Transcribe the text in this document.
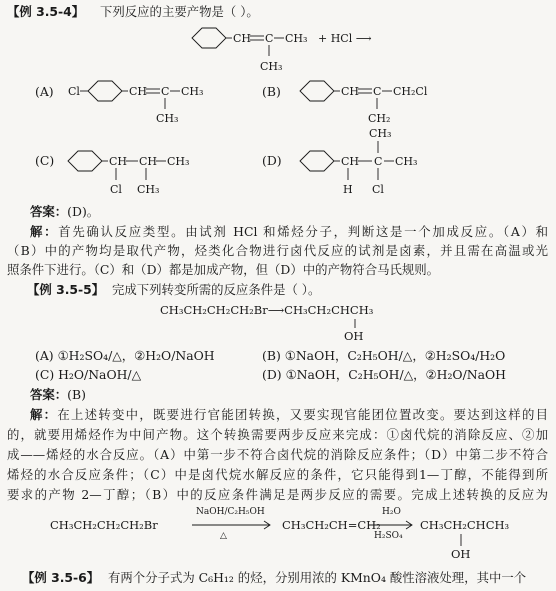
【例 3.5-4】 下列反应的主要产物是（ ）。
CH C CH₃
CH₃
+ HCl ⟶
(A) Cl	CH C CH₃
CH₃
(B)	CH C CH₂Cl
CH₂
(C)	CH CH CH₃
Cl CH₃
(D)
CH₃
CH C CH₃
H Cl
答案：(D)。
解：首先确认反应类型。由试剂 HCl 和烯烃分子，判断这是一个加成反应。（A）和
（B）中的产物均是取代产物，烃类化合物进行卤代反应的试剂是卤素，并且需在高温或光
照条件下进行。（C）和（D）都是加成产物，但（D）中的产物符合马氏规则。
【例 3.5-5】 完成下列转变所需的反应条件是（ ）。
CH₃CH₂CH₂CH₂Br⟶CH₃CH₂CHCH₃
OH
(A) ①H₂SO₄/△，②H₂O/NaOH	(B) ①NaOH，C₂H₅OH/△，②H₂SO₄/H₂O
(C) H₂O/NaOH/△	(D) ①NaOH，C₂H₅OH/△，②H₂O/NaOH
答案：(B)
解：在上述转变中，既要进行官能团转换，又要实现官能团位置改变。要达到这样的目
的，就要用烯烃作为中间产物。这个转换需要两步反应来完成：①卤代烷的消除反应、②加
成——烯烃的水合反应。（A）中第一步不符合卤代烷的消除反应条件；（D）中第二步不符合
烯烃的水合反应条件；（C）中是卤代烷水解反应的条件，它只能得到1—丁醇，不能得到所
要求的产物 2—丁醇；（B）中的反应条件满足是两步反应的需要。完成上述转换的反应为
CH₃CH₂CH₂CH₂Br
NaOH/C₂H₅OH
△
CH₃CH₂CH=CH₂
H₂O
H₂SO₄
CH₃CH₂CHCH₃
OH
【例 3.5-6】 有两个分子式为 C₆H₁₂ 的烃，分别用浓的 KMnO₄ 酸性溶液处理，其中一个
